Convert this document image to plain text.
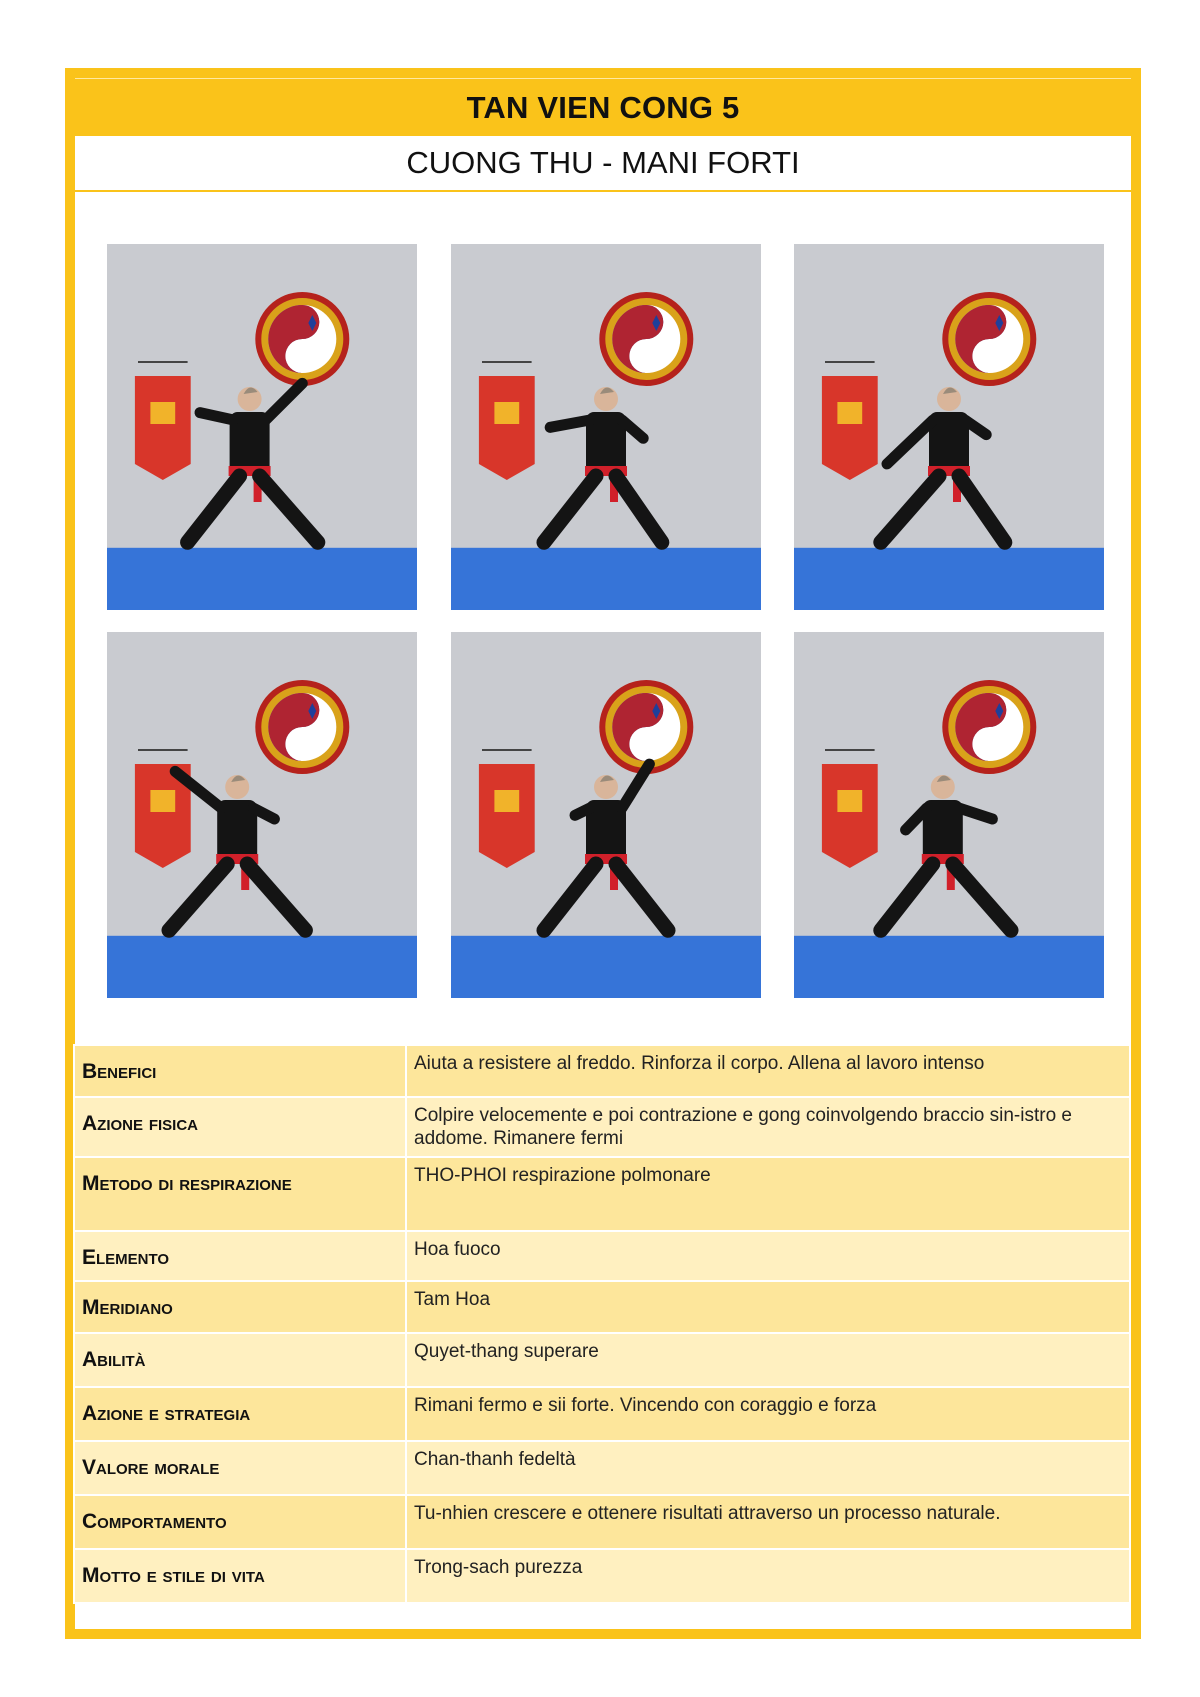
TAN VIEN CONG 5
CUONG THU - MANI FORTI
Benefici	Aiuta a resistere al freddo. Rinforza il corpo. Allena al lavoro intenso
Azione fisica	Colpire velocemente e poi contrazione e gong coinvolgendo braccio sin-istro e addome. Rimanere fermi
Metodo di respirazione	THO-PHOI respirazione polmonare
Elemento	Hoa fuoco
Meridiano	Tam Hoa
Abilità	Quyet-thang superare
Azione e strategia	Rimani fermo e sii forte. Vincendo con coraggio e forza
Valore morale	Chan-thanh fedeltà
Comportamento	Tu-nhien crescere e ottenere risultati attraverso un processo naturale.
Motto e stile di vita	Trong-sach purezza
